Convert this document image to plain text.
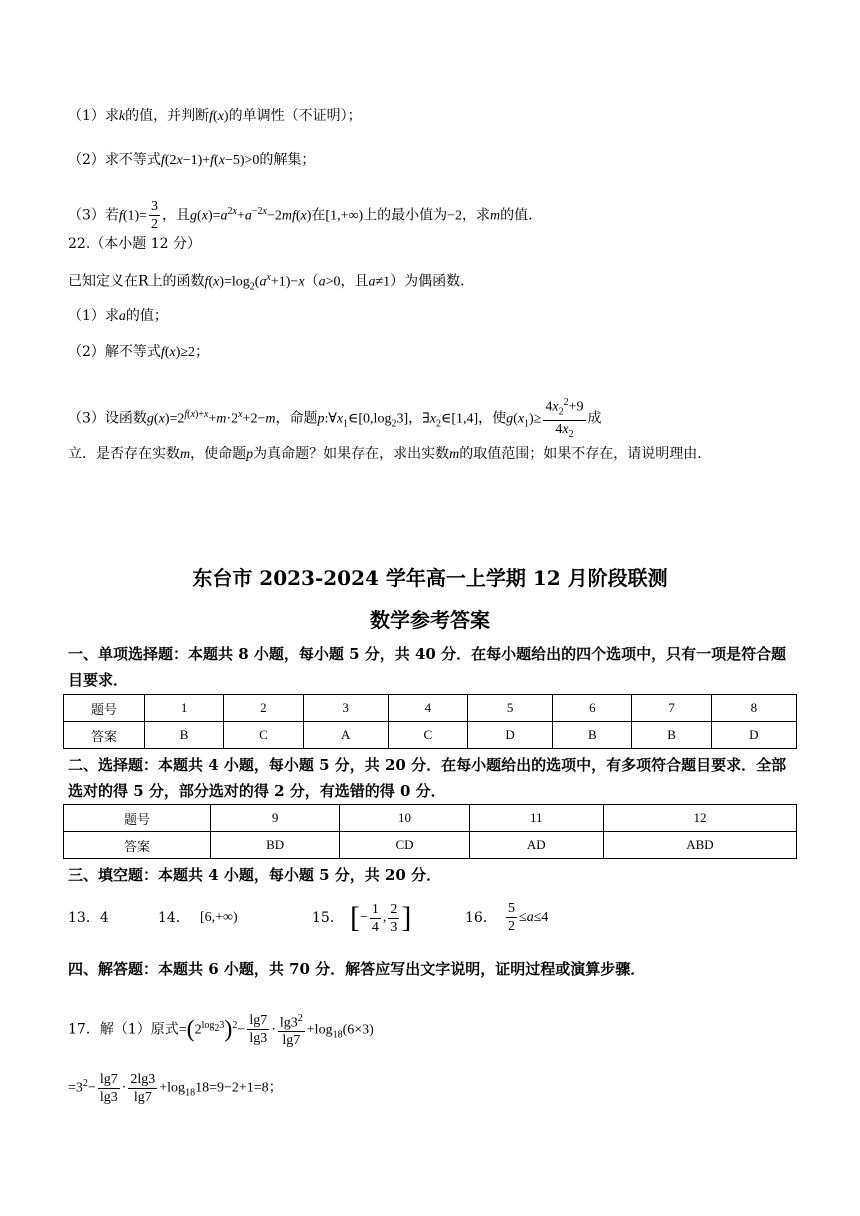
（1）求k的值，并判断f(x)的单调性（不证明）；
（2）求不等式f(2x−1)+f(x−5)>0的解集；
（3）若$f(1)= \frac{3}{2}$ ，且$g(x)=a^{2x}+a^{-2x}-2mf(x)$在[1,+∞)上的最小值为−2，求m的值.
22.（本小题 12 分）
已知定义在R上的函数$f(x)=\log_2(a^x+1)-x(a>0$，且a≠1）为偶函数.
（1）求a的值；
（2）解不等式f(x)≥2；
（3）设函数$g(x)=2^{f(x)+x}+m\cdot 2^x+2-m$，命题$p:\forall x_1\in[0,\log_23]$，$\exists x_2\in[1,4]$，使$g(x_1)\ge \frac{4x_2^2+9}{4x_2}$ 成
立．是否存在实数m，使命题p为真命题？如果存在，求出实数m的取值范围；如果不存在，请说明理由.
东台市 2023-2024 学年高一上学期 12 月阶段联测
数学参考答案
一、单项选择题：本题共 8 小题，每小题 5 分，共 40 分．在每小题给出的四个选项中，只有一项是符合题目要求．
题号	1	2	3	4	5	6	7	8
答案	B	C	A	C	D	B	B	D
二、选择题：本题共 4 小题，每小题 5 分，共 20 分．在每小题给出的选项中，有多项符合题目要求．全部选对的得 5 分，部分选对的得 2 分，有选错的得 0 分．
题号	9	10	11	12
答案	BD	CD	AD	ABD
三、填空题：本题共 4 小题，每小题 5 分，共 20 分．
13．4	14． [6,+∞)	15． [− $\frac{1}{4}$ , $\frac{2}{3}$ ]	16． $\frac{5}{2} \le a\le 4$
四、解答题：本题共 6 小题，共 70 分．解答应写出文字说明，证明过程或演算步骤．
17．解（1）原式$=(2^{log_23})^2- \frac{\lg 7}{\lg 3} \cdot \frac{\lg 3^2}{\lg 7} +\log_{18}(6\times 3)$
$=3^2- \frac{\lg 7}{\lg 3} \cdot \frac{2\lg 3}{\lg 7} +\log_{18}18=9-2+1=8$；
